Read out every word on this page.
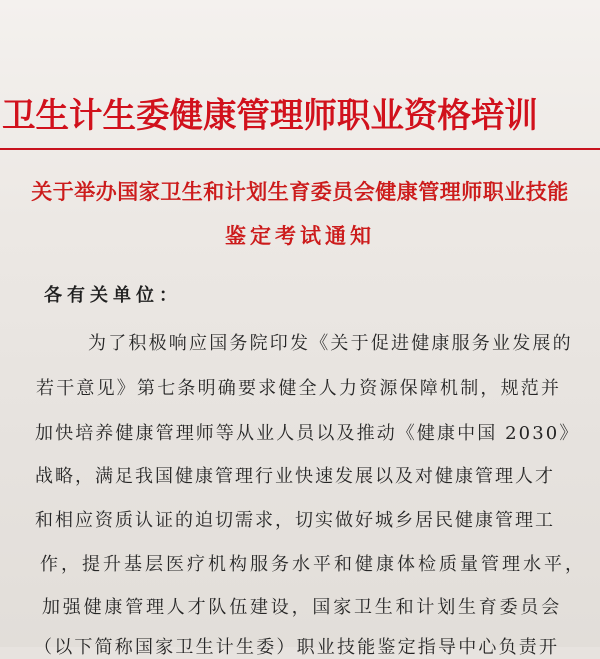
卫生计生委健康管理师职业资格培训
关于举办国家卫生和计划生育委员会健康管理师职业技能
鉴定考试通知
各有关单位：
为了积极响应国务院印发《关于促进健康服务业发展的
若干意见》第七条明确要求健全人力资源保障机制，规范并
加快培养健康管理师等从业人员以及推动《健康中国 2030》
战略，满足我国健康管理行业快速发展以及对健康管理人才
和相应资质认证的迫切需求，切实做好城乡居民健康管理工
作，提升基层医疗机构服务水平和健康体检质量管理水平，
加强健康管理人才队伍建设，国家卫生和计划生育委员会
（以下简称国家卫生计生委）职业技能鉴定指导中心负责开
